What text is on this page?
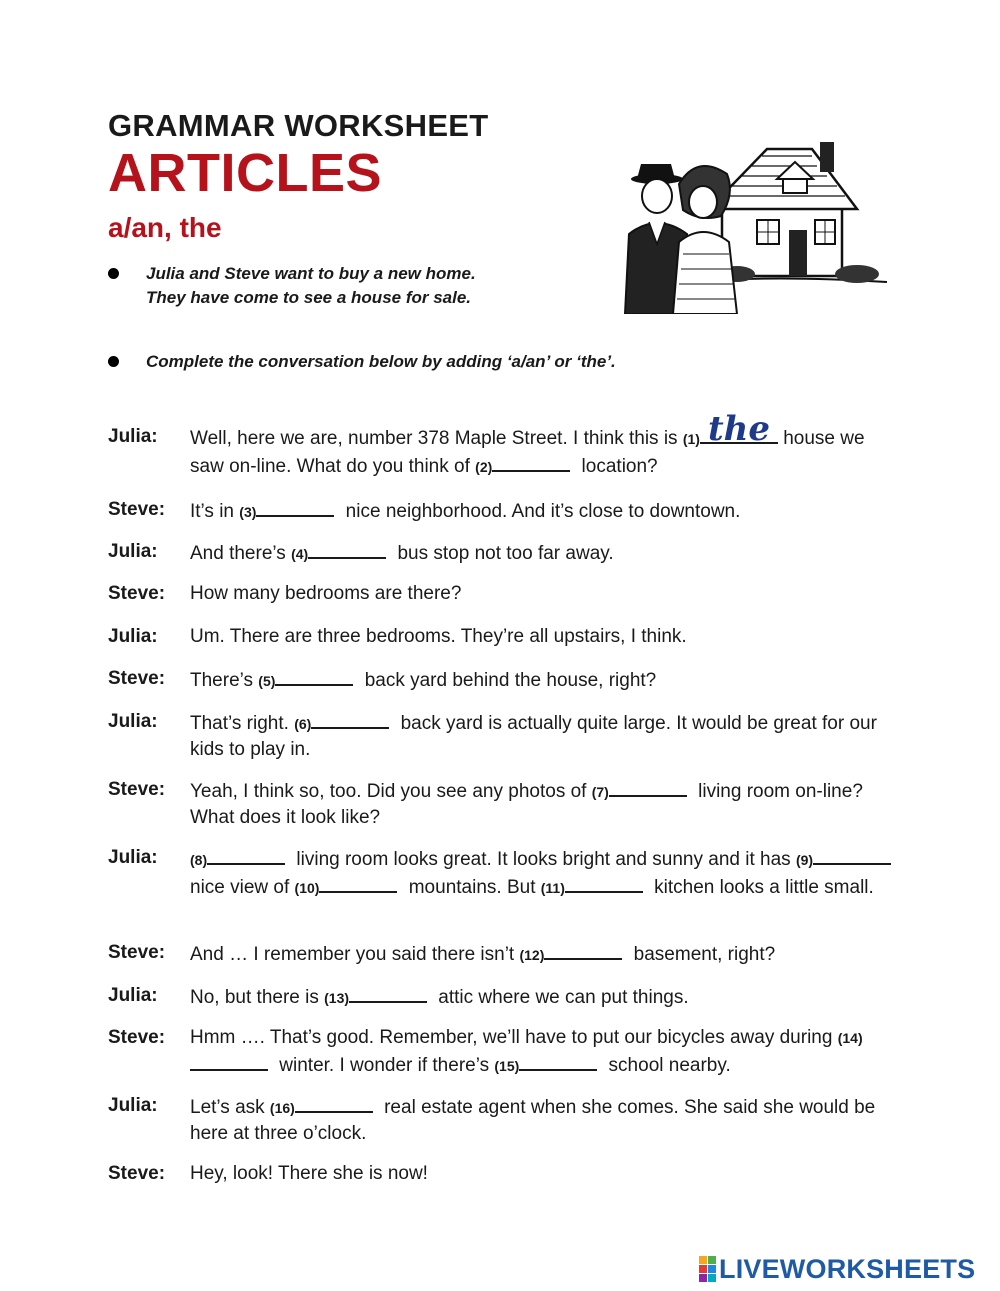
GRAMMAR WORKSHEET
ARTICLES
a/an, the
Julia and Steve want to buy a new home. They have come to see a house for sale.
Complete the conversation below by adding ‘a/an’ or ‘the’.
Julia:	Well, here we are, number 378 Maple Street. I think this is (1) the house we saw on-line. What do you think of (2)	location?
Steve:	It’s in (3)	nice neighborhood. And it’s close to downtown.
Julia:	And there’s (4)	bus stop not too far away.
Steve:	How many bedrooms are there?
Julia:	Um. There are three bedrooms. They’re all upstairs, I think.
Steve:	There’s (5)	back yard behind the house, right?
Julia:	That’s right. (6)	back yard is actually quite large. It would be great for our kids to play in.
Steve:	Yeah, I think so, too. Did you see any photos of (7)	living room on-line? What does it look like?
Julia:	(8)	living room looks great. It looks bright and sunny and it has (9) nice view of (10)	mountains. But (11)	kitchen looks a little small.
Steve:	And … I remember you said there isn’t (12)	basement, right?
Julia:	No, but there is (13)	attic where we can put things.
Steve:	Hmm …. That’s good. Remember, we’ll have to put our bicycles away during (14) winter. I wonder if there’s (15)	school nearby.
Julia:	Let’s ask (16)	real estate agent when she comes. She said she would be here at three o’clock.
Steve:	Hey, look! There she is now!
LIVEWORKSHEETS
